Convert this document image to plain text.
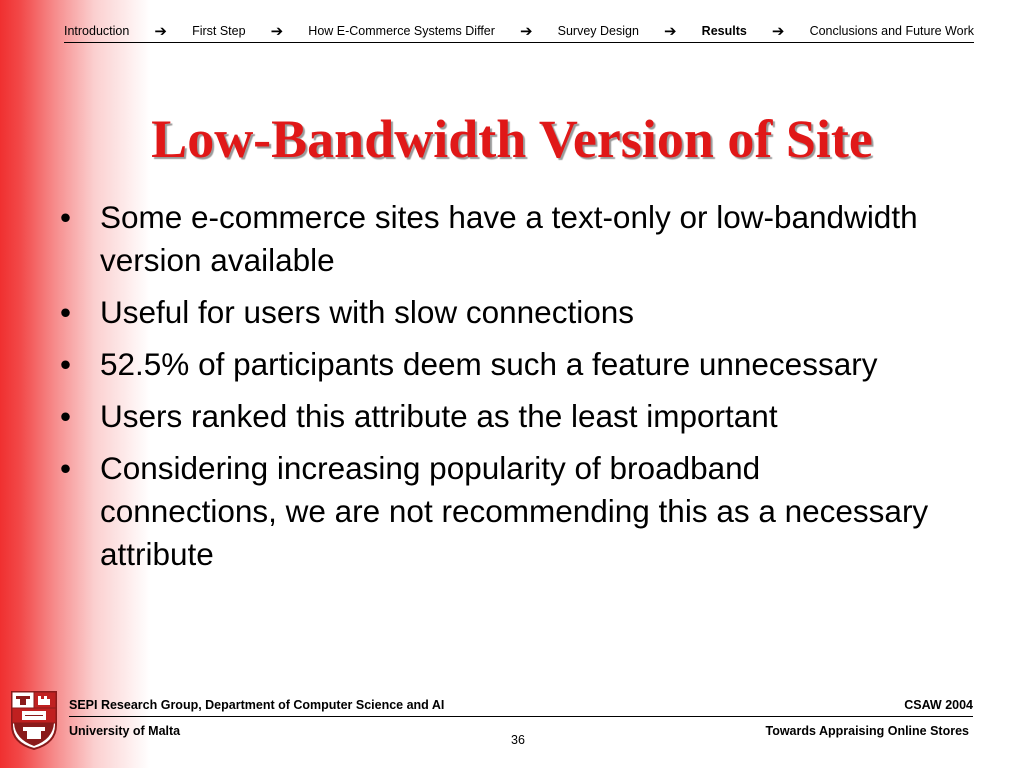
Introduction ➔ First Step ➔ How E-Commerce Systems Differ ➔ Survey Design ➔ Results ➔ Conclusions and Future Work
Low-Bandwidth Version of Site
• Some e-commerce sites have a text-only or low-bandwidth version available
• Useful for users with slow connections
• 52.5% of participants deem such a feature unnecessary
• Users ranked this attribute as the least important
• Considering increasing popularity of broadband connections, we are not recommending this as a necessary attribute
SEPI Research Group, Department of Computer Science and AI	CSAW 2004
University of Malta	Towards Appraising Online Stores
36
